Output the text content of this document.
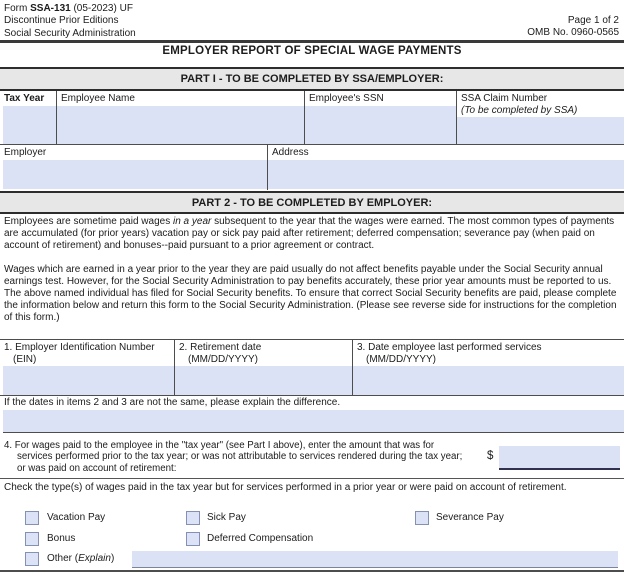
Form SSA-131 (05-2023) UF
Discontinue Prior Editions
Social Security Administration
Page 1 of 2
OMB No. 0960-0565
EMPLOYER REPORT OF SPECIAL WAGE PAYMENTS
PART I - TO BE COMPLETED BY SSA/EMPLOYER:
Tax Year	Employee Name	Employee's SSN	SSA Claim Number
(To be completed by SSA)
Employer	Address
PART 2 - TO BE COMPLETED BY EMPLOYER:

Employees are sometime paid wages in a year subsequent to the year that the wages were earned. The most common types of payments are accumulated (for prior years) vacation pay or sick pay paid after retirement; deferred compensation; severance pay (when paid on account of retirement) and bonuses--paid pursuant to a prior agreement or contract.

Wages which are earned in a year prior to the year they are paid usually do not affect benefits payable under the Social Security annual earnings test. However, for the Social Security Administration to pay benefits accurately, these prior year amounts must be reported to us. The above named individual has filed for Social Security benefits. To ensure that correct Social Security benefits are paid, please complete the information below and return this form to the Social Security Administration. (Please see reverse side for instructions for the completion of this form.)

1. Employer Identification Number
(EIN)
2. Retirement date
(MM/DD/YYYY)
3. Date employee last performed services
(MM/DD/YYYY)
If the dates in items 2 and 3 are not the same, please explain the difference.
4. For wages paid to the employee in the "tax year" (see Part I above), enter the amount that was for services performed prior to the tax year; or was not attributable to services rendered during the tax year; or was paid on account of retirement:
$
Check the type(s) of wages paid in the tax year but for services performed in a prior year or were paid on account of retirement.
Vacation Pay	Sick Pay	Severance Pay
Bonus	Deferred Compensation
Other (Explain)
